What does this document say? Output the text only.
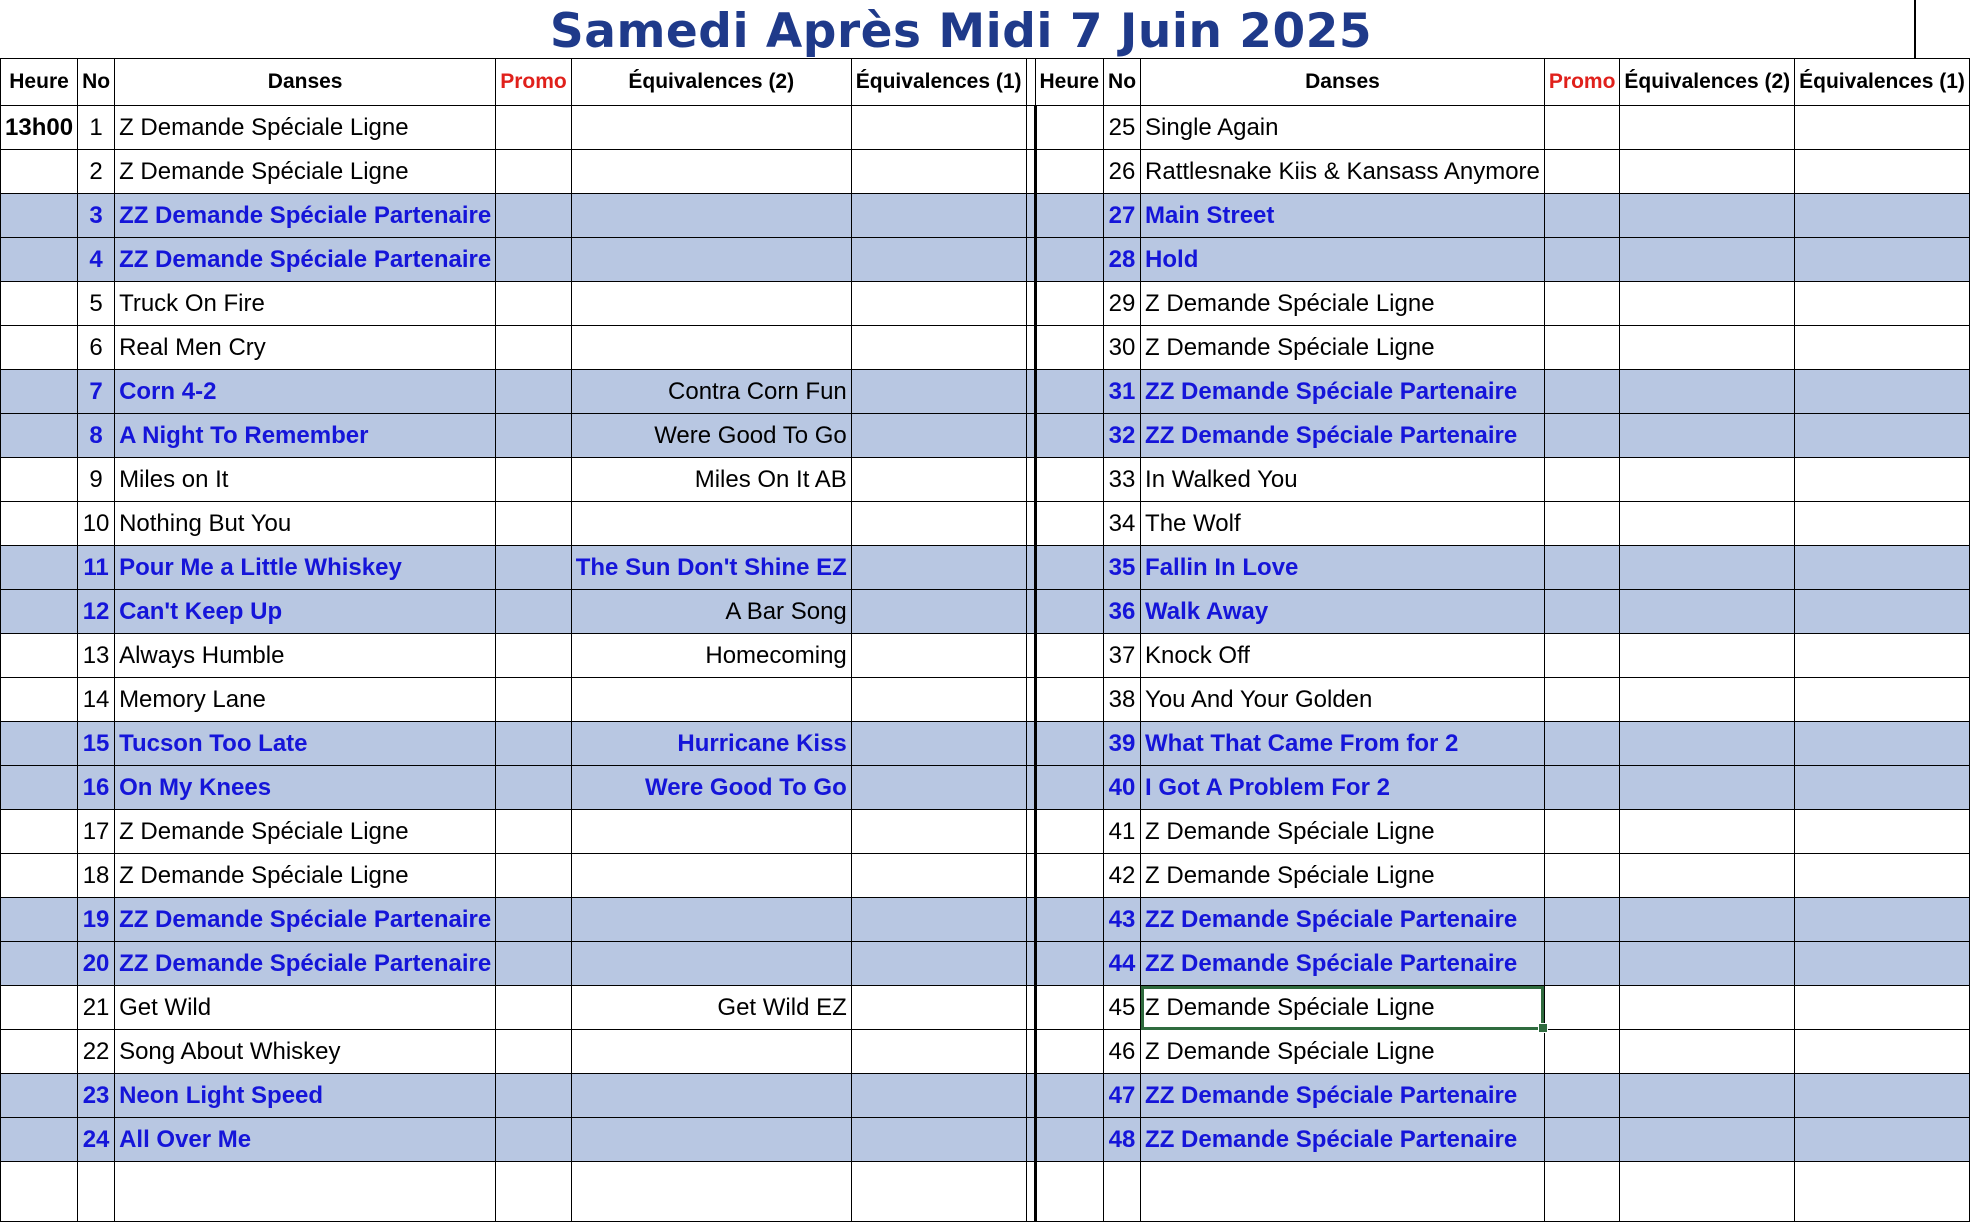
Samedi Après Midi 7 Juin 2025
Heure	No	Danses	Promo	Équivalences (2)	Équivalences (1)		Heure	No	Danses	Promo	Équivalences (2)	Équivalences (1)
13h00	1	Z Demande Spéciale Ligne						25	Single Again			
	2	Z Demande Spéciale Ligne						26	Rattlesnake Kiis & Kansass Anymore			
	3	ZZ Demande Spéciale Partenaire						27	Main Street			
	4	ZZ Demande Spéciale Partenaire						28	Hold			
	5	Truck On Fire						29	Z Demande Spéciale Ligne			
	6	Real Men Cry						30	Z Demande Spéciale Ligne			
	7	Corn 4-2		Contra Corn Fun				31	ZZ Demande Spéciale Partenaire			
	8	A Night To Remember		Were Good To Go				32	ZZ Demande Spéciale Partenaire			
	9	Miles on It		Miles On It AB				33	In Walked You			
	10	Nothing But You						34	The Wolf			
	11	Pour Me a Little Whiskey		The Sun Don't Shine EZ				35	Fallin In Love			
	12	Can't Keep Up		A Bar Song				36	Walk Away			
	13	Always Humble		Homecoming				37	Knock Off			
	14	Memory Lane						38	You And Your Golden			
	15	Tucson Too Late		Hurricane Kiss				39	What That Came From for 2			
	16	On My Knees		Were Good To Go				40	I Got A Problem For 2			
	17	Z Demande Spéciale Ligne						41	Z Demande Spéciale Ligne			
	18	Z Demande Spéciale Ligne						42	Z Demande Spéciale Ligne			
	19	ZZ Demande Spéciale Partenaire						43	ZZ Demande Spéciale Partenaire			
	20	ZZ Demande Spéciale Partenaire						44	ZZ Demande Spéciale Partenaire			
	21	Get Wild		Get Wild EZ				45	Z Demande Spéciale Ligne

	22	Song About Whiskey						46	Z Demande Spéciale Ligne			
	23	Neon Light Speed						47	ZZ Demande Spéciale Partenaire			
	24	All Over Me						48	ZZ Demande Spéciale Partenaire			
